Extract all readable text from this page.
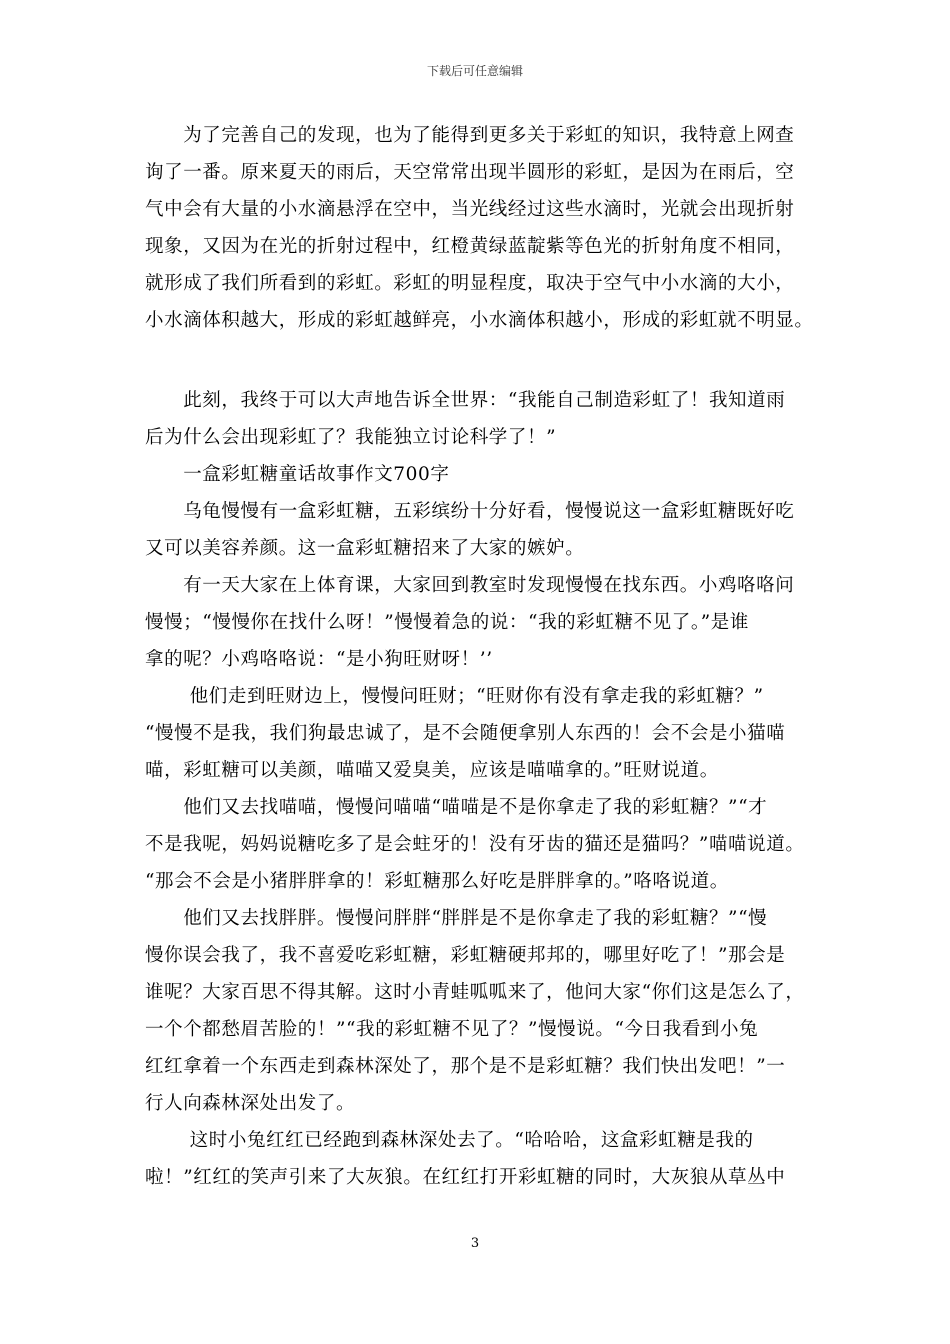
下载后可任意编辑
　　为了完善自己的发现，也为了能得到更多关于彩虹的知识，我特意上网查
询了一番。原来夏天的雨后，天空常常出现半圆形的彩虹，是因为在雨后，空
气中会有大量的小水滴悬浮在空中，当光线经过这些水滴时，光就会出现折射
现象，又因为在光的折射过程中，红橙黄绿蓝靛紫等色光的折射角度不相同，
就形成了我们所看到的彩虹。彩虹的明显程度，取决于空气中小水滴的大小，
小水滴体积越大，形成的彩虹越鲜亮，小水滴体积越小，形成的彩虹就不明显。
　　此刻，我终于可以大声地告诉全世界：“我能自己制造彩虹了！我知道雨
后为什么会出现彩虹了？我能独立讨论科学了！”
　　一盒彩虹糖童话故事作文700字
　　乌龟慢慢有一盒彩虹糖，五彩缤纷十分好看，慢慢说这一盒彩虹糖既好吃
又可以美容养颜。这一盒彩虹糖招来了大家的嫉妒。
　　有一天大家在上体育课，大家回到教室时发现慢慢在找东西。小鸡咯咯问
慢慢；“慢慢你在找什么呀！”慢慢着急的说：“我的彩虹糖不见了。”是谁
拿的呢？小鸡咯咯说：“是小狗旺财呀！’’
　　 他们走到旺财边上，慢慢问旺财；“旺财你有没有拿走我的彩虹糖？”
“慢慢不是我，我们狗最忠诚了，是不会随便拿别人东西的！会不会是小猫喵
喵，彩虹糖可以美颜，喵喵又爱臭美，应该是喵喵拿的。”旺财说道。
　　他们又去找喵喵，慢慢问喵喵“喵喵是不是你拿走了我的彩虹糖？”“才
不是我呢，妈妈说糖吃多了是会蛀牙的！没有牙齿的猫还是猫吗？”喵喵说道。
“那会不会是小猪胖胖拿的！彩虹糖那么好吃是胖胖拿的。”咯咯说道。
　　他们又去找胖胖。慢慢问胖胖“胖胖是不是你拿走了我的彩虹糖？”“慢
慢你误会我了，我不喜爱吃彩虹糖，彩虹糖硬邦邦的，哪里好吃了！”那会是
谁呢？大家百思不得其解。这时小青蛙呱呱来了，他问大家“你们这是怎么了，
一个个都愁眉苦脸的！”“我的彩虹糖不见了？”慢慢说。“今日我看到小兔
红红拿着一个东西走到森林深处了，那个是不是彩虹糖？我们快出发吧！”一
行人向森林深处出发了。
　　 这时小兔红红已经跑到森林深处去了。“哈哈哈，这盒彩虹糖是我的
啦！”红红的笑声引来了大灰狼。在红红打开彩虹糖的同时，大灰狼从草丛中
3
